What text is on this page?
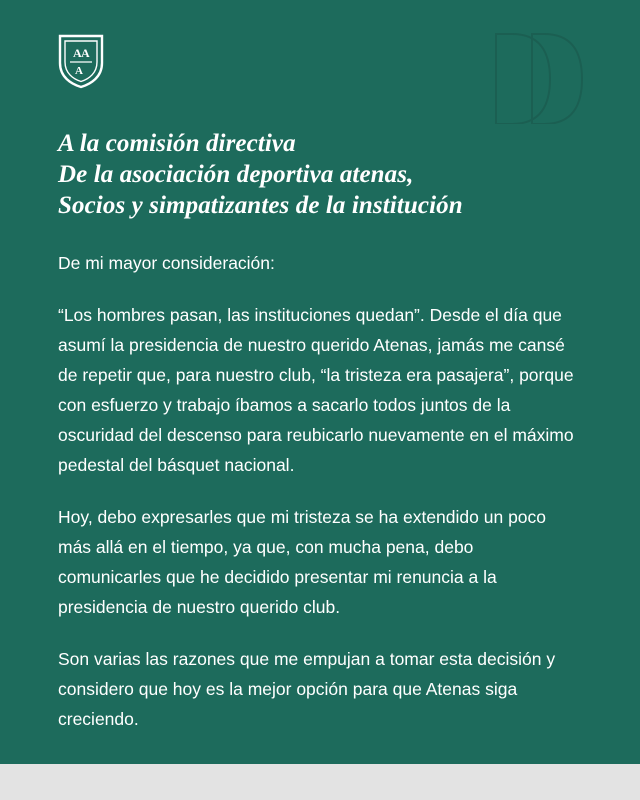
A A
A
A la comisión directiva
De la asociación deportiva atenas,
Socios y simpatizantes de la institución

De mi mayor consideración:

“Los hombres pasan, las instituciones quedan”. Desde el día que asumí la presidencia de nuestro querido Atenas, jamás me cansé de repetir que, para nuestro club, “la tristeza era pasajera”, porque con esfuerzo y trabajo íbamos a sacarlo todos juntos de la oscuridad del descenso para reubicarlo nuevamente en el máximo pedestal del básquet nacional.

Hoy, debo expresarles que mi tristeza se ha extendido un poco más allá en el tiempo, ya que, con mucha pena, debo comunicarles que he decidido presentar mi renuncia a la presidencia de nuestro querido club.

Son varias las razones que me empujan a tomar esta decisión y considero que hoy es la mejor opción para que Atenas siga creciendo.
